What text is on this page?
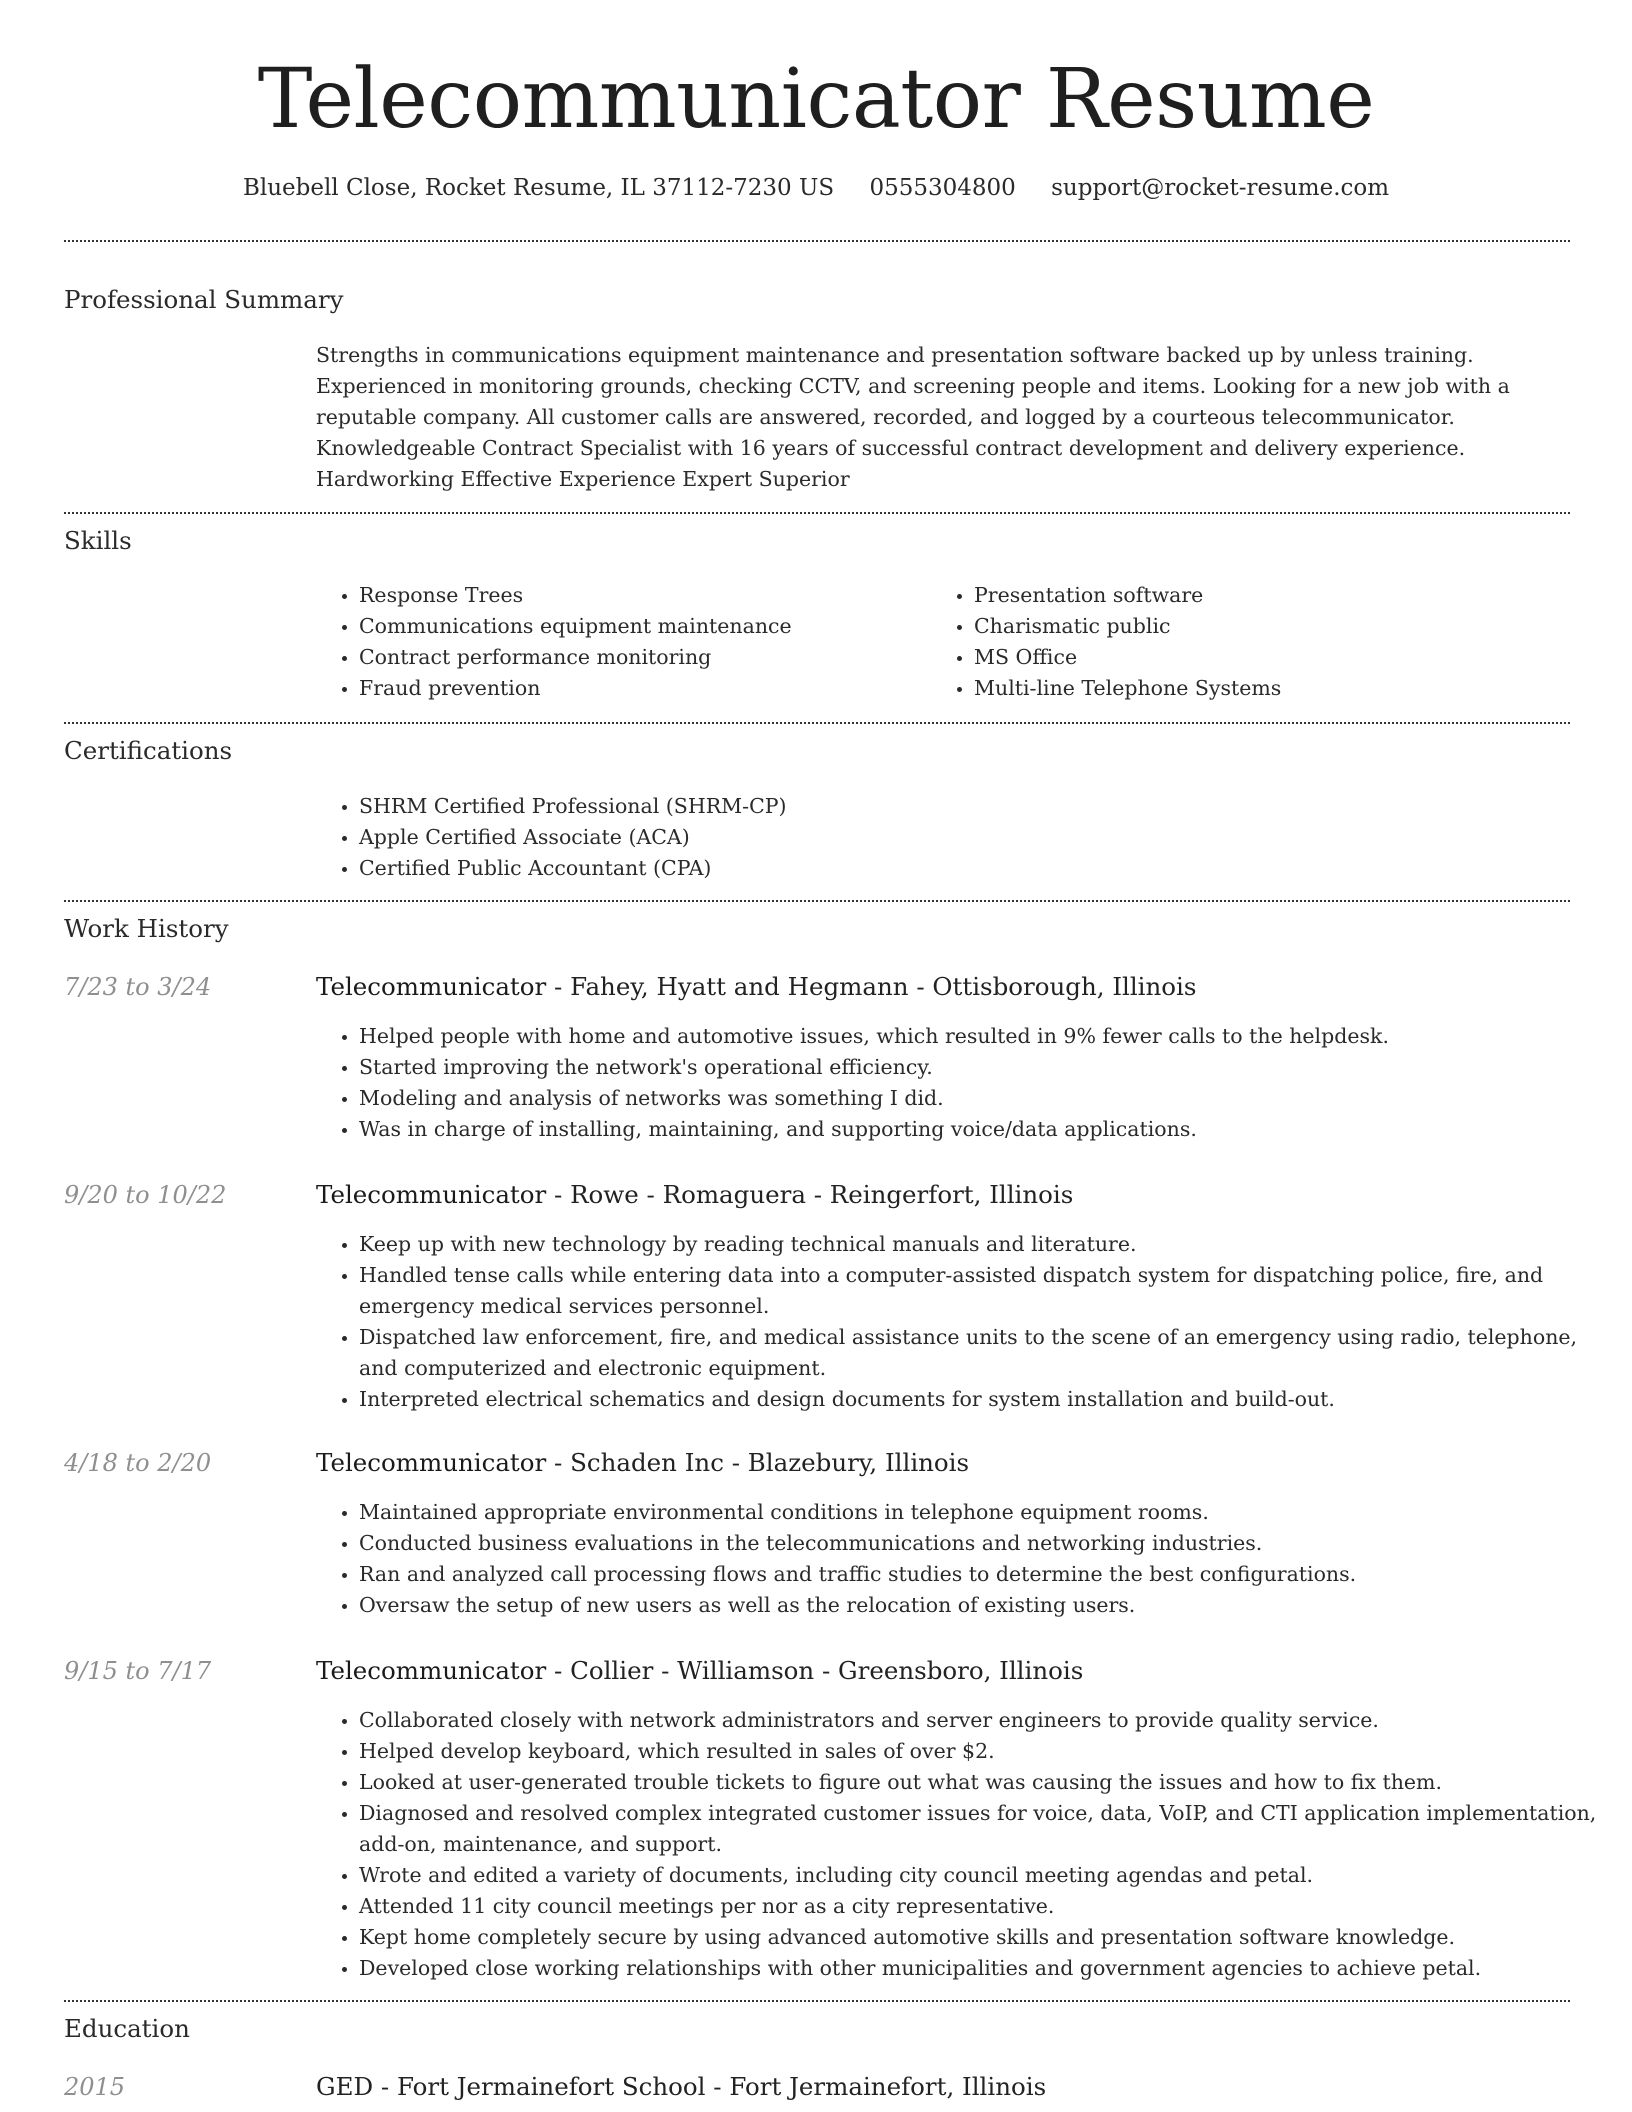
Telecommunicator Resume
Bluebell Close, Rocket Resume, IL 37112-7230 US 0555304800 support@rocket-resume.com
Professional Summary

Strengths in communications equipment maintenance and presentation software backed up by unless training. Experienced in monitoring grounds, checking CCTV, and screening people and items. Looking for a new job with a reputable company. All customer calls are answered, recorded, and logged by a courteous telecommunicator. Knowledgeable Contract Specialist with 16 years of successful contract development and delivery experience. Hardworking Effective Experience Expert Superior

Skills
• Response Trees
• Communications equipment maintenance
• Contract performance monitoring
• Fraud prevention
• Presentation software
• Charismatic public
• MS Office
• Multi-line Telephone Systems
Certifications
• SHRM Certified Professional (SHRM-CP)
• Apple Certified Associate (ACA)
• Certified Public Accountant (CPA)
Work History
7/23 to 3/24	Telecommunicator - Fahey, Hyatt and Hegmann - Ottisborough, Illinois
• Helped people with home and automotive issues, which resulted in 9% fewer calls to the helpdesk.
• Started improving the network's operational efficiency.
• Modeling and analysis of networks was something I did.
• Was in charge of installing, maintaining, and supporting voice/data applications.
9/20 to 10/22	Telecommunicator - Rowe - Romaguera - Reingerfort, Illinois
• Keep up with new technology by reading technical manuals and literature.
• Handled tense calls while entering data into a computer-assisted dispatch system for dispatching police, fire, and emergency medical services personnel.
• Dispatched law enforcement, fire, and medical assistance units to the scene of an emergency using radio, telephone, and computerized and electronic equipment.
• Interpreted electrical schematics and design documents for system installation and build-out.
4/18 to 2/20	Telecommunicator - Schaden Inc - Blazebury, Illinois
• Maintained appropriate environmental conditions in telephone equipment rooms.
• Conducted business evaluations in the telecommunications and networking industries.
• Ran and analyzed call processing flows and traffic studies to determine the best configurations.
• Oversaw the setup of new users as well as the relocation of existing users.
9/15 to 7/17	Telecommunicator - Collier - Williamson - Greensboro, Illinois
• Collaborated closely with network administrators and server engineers to provide quality service.
• Helped develop keyboard, which resulted in sales of over $2.
• Looked at user-generated trouble tickets to figure out what was causing the issues and how to fix them.
• Diagnosed and resolved complex integrated customer issues for voice, data, VoIP, and CTI application implementation, add-on, maintenance, and support.
• Wrote and edited a variety of documents, including city council meeting agendas and petal.
• Attended 11 city council meetings per nor as a city representative.
• Kept home completely secure by using advanced automotive skills and presentation software knowledge.
• Developed close working relationships with other municipalities and government agencies to achieve petal.
Education
2015	GED - Fort Jermainefort School - Fort Jermainefort, Illinois
